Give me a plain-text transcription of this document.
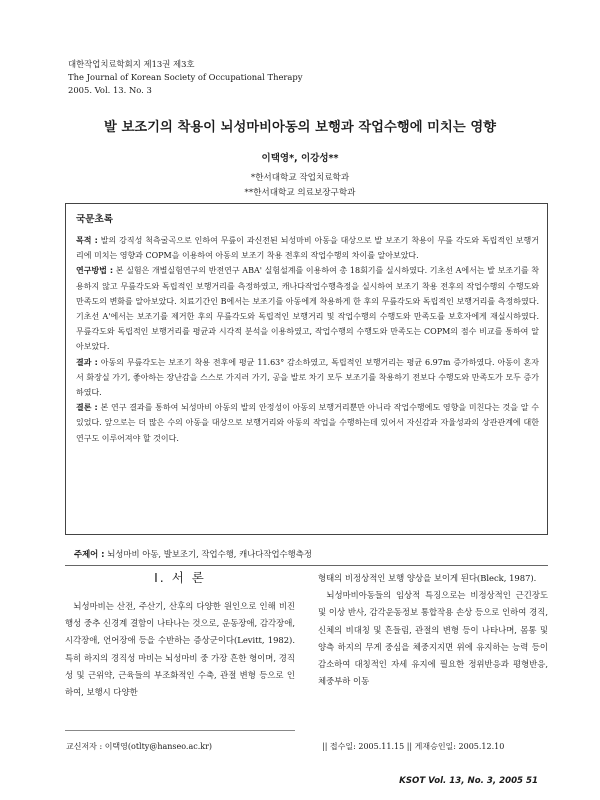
대한작업치료학회지 제13권 제3호
The Journal of Korean Society of Occupational Therapy
2005. Vol. 13. No. 3
발 보조기의 착용이 뇌성마비아동의 보행과 작업수행에 미치는 영향
이택영*, 이강성**
*한서대학교 작업치료학과
**한서대학교 의료보장구학과
국문초록

목적 : 발의 강직성 척측굴곡으로 인하여 무릎이 과신전된 뇌성마비 아동을 대상으로 발 보조기 착용이 무릎 각도와 독립적인 보행거리에 미치는 영향과 COPM을 이용하여 아동의 보조기 착용 전후의 작업수행의 차이를 알아보았다.

연구방법 : 본 실험은 개별실험연구의 반전연구 ABA' 실험설계를 이용하여 총 18회기를 실시하였다. 기초선 A에서는 발 보조기를 착용하지 않고 무릎각도와 독립적인 보행거리를 측정하였고, 캐나다작업수행측정을 실시하여 보조기 착용 전후의 작업수행의 수행도와 만족도의 변화를 알아보았다. 치료기간인 B에서는 보조기를 아동에게 착용하게 한 후의 무릎각도와 독립적인 보행거리를 측정하였다. 기초선 A'에서는 보조기를 제거한 후의 무릎각도와 독립적인 보행거리 및 작업수행의 수행도와 만족도를 보호자에게 재실시하였다. 무릎각도와 독립적인 보행거리를 평균과 시각적 분석을 이용하였고, 작업수행의 수행도와 만족도는 COPM의 점수 비교를 통하여 알아보았다.

결과 : 아동의 무릎각도는 보조기 착용 전후에 평균 11.63° 감소하였고, 독립적인 보행거리는 평균 6.97m 증가하였다. 아동이 혼자서 화장실 가기, 좋아하는 장난감을 스스로 가지러 가기, 공을 발로 차기 모두 보조기를 착용하기 전보다 수행도와 만족도가 모두 증가하였다.

결론 : 본 연구 결과를 통하여 뇌성마비 아동의 발의 안정성이 아동의 보행거리뿐만 아니라 작업수행에도 영향을 미친다는 것을 알 수 있었다. 앞으로는 더 많은 수의 아동을 대상으로 보행거리와 아동의 작업을 수행하는데 있어서 자신감과 자율성과의 상관관계에 대한 연구도 이루어져야 할 것이다.

주제어 : 뇌성마비 아동, 발보조기, 작업수행, 캐나다작업수행측정
Ⅰ. 서 론

뇌성마비는 산전, 주산기, 산후의 다양한 원인으로 인해 비진행성 중추 신경계 결함이 나타나는 것으로, 운동장애, 감각장애, 시각장애, 언어장애 등을 수반하는 증상군이다(Levitt, 1982). 특히 하지의 경직성 마비는 뇌성마비 중 가장 흔한 형이며, 경직성 및 근위약, 근육들의 부조화적인 수축, 관절 변형 등으로 인하여, 보행시 다양한

형태의 비정상적인 보행 양상을 보이게 된다(Bleck, 1987).

뇌성마비아동들의 임상적 특징으로는 비정상적인 근긴장도 및 이상 반사, 감각운동정보 통합작용 손상 등으로 인하여 경직, 신체의 비대칭 및 흔들림, 관절의 변형 등이 나타나며, 몸통 및 양측 하지의 무게 중심을 체중지지면 위에 유지하는 능력 등이 감소하여 대칭적인 자세 유지에 필요한 정위반응과 평형반응, 체중부하 이동

교신저자 : 이택영(otlty@hanseo.ac.kr)	|| 접수일: 2005.11.15 || 게재승인일: 2005.12.10
KSOT Vol. 13, No. 3, 2005 51
